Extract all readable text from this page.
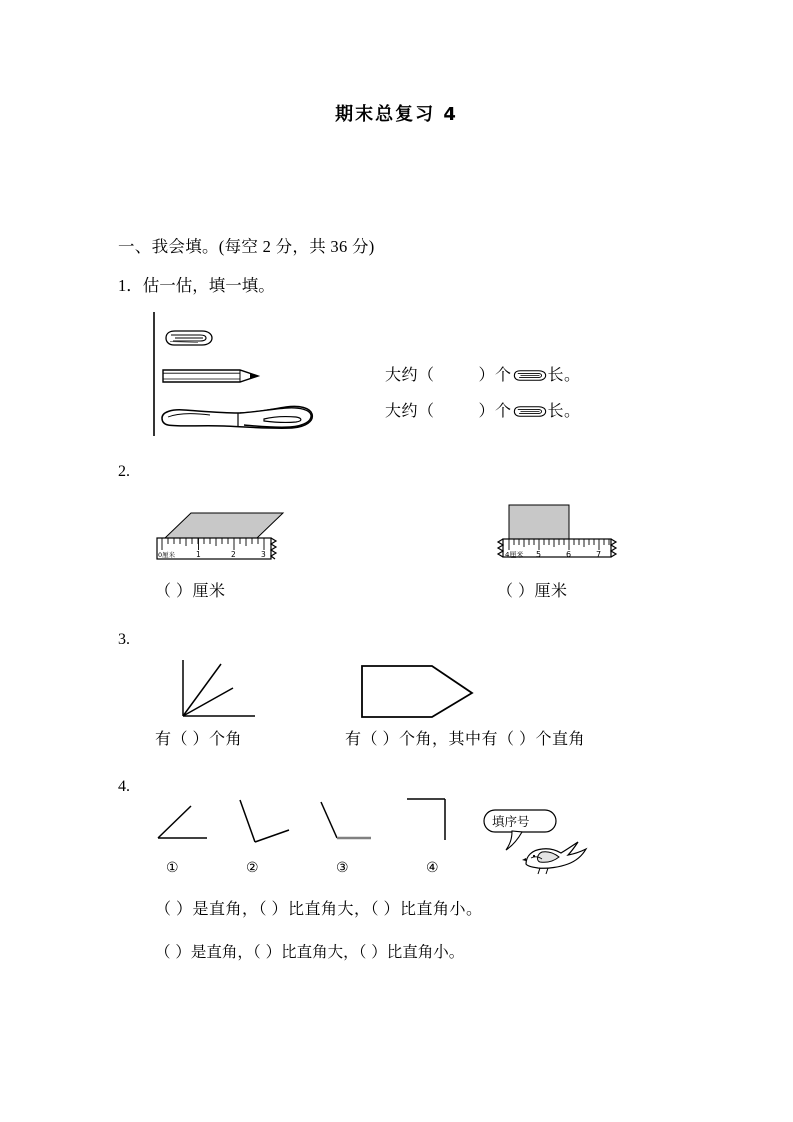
期末总复习 4
一、我会填。(每空 2 分，共 36 分)
1．估一估，填一填。
大约（	）个 长。
大约（	）个 长。
2.
0厘米	1	2	3	4厘米 5	6	7
（ ）厘米	（ ）厘米
3.
有（ ）个角	有（ ）个角，其中有（ ）个直角
4.
①	②	③	④
填序号
（ ）是直角，（ ）比直角大，（ ）比直角小。
（ ）是直角，（ ）比直角大，（ ）比直角小。
